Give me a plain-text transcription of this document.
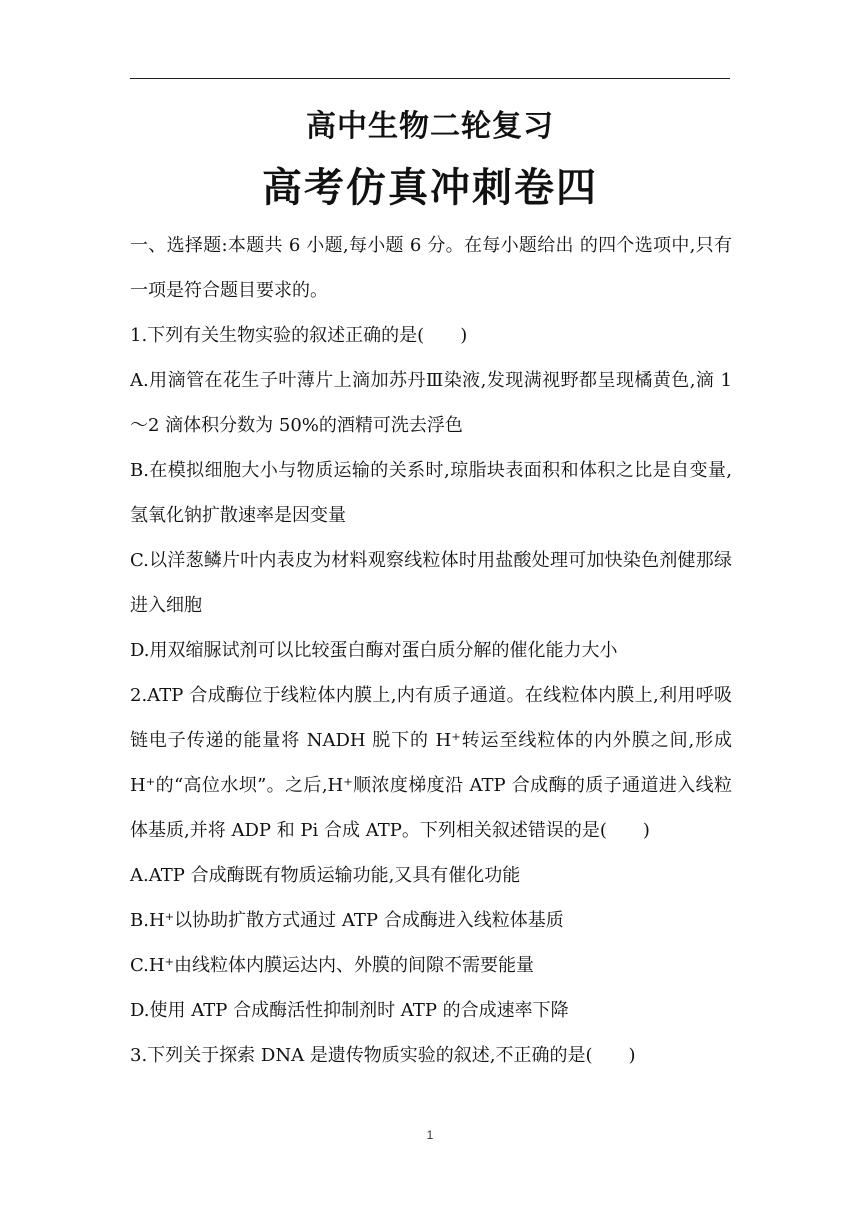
高中生物二轮复习
高考仿真冲刺卷四

一、选择题:本题共 6 小题,每小题 6 分。在每小题给出 的四个选项中,只有一项是符合题目要求的。

1.下列有关生物实验的叙述正确的是(　　)

A.用滴管在花生子叶薄片上滴加苏丹Ⅲ染液,发现满视野都呈现橘黄色,滴 1～2 滴体积分数为 50%的酒精可洗去浮色

B.在模拟细胞大小与物质运输的关系时,琼脂块表面积和体积之比是自变量,氢氧化钠扩散速率是因变量

C.以洋葱鳞片叶内表皮为材料观察线粒体时用盐酸处理可加快染色剂健那绿进入细胞

D.用双缩脲试剂可以比较蛋白酶对蛋白质分解的催化能力大小

2.ATP 合成酶位于线粒体内膜上,内有质子通道。在线粒体内膜上,利用呼吸链电子传递的能量将 NADH 脱下的 H⁺转运至线粒体的内外膜之间,形成 H⁺的“高位水坝”。之后,H⁺顺浓度梯度沿 ATP 合成酶的质子通道进入线粒体基质,并将 ADP 和 Pi 合成 ATP。下列相关叙述错误的是(　　)

A.ATP 合成酶既有物质运输功能,又具有催化功能

B.H⁺以协助扩散方式通过 ATP 合成酶进入线粒体基质

C.H⁺由线粒体内膜运达内、外膜的间隙不需要能量

D.使用 ATP 合成酶活性抑制剂时 ATP 的合成速率下降

3.下列关于探索 DNA 是遗传物质实验的叙述,不正确的是(　　)

1
